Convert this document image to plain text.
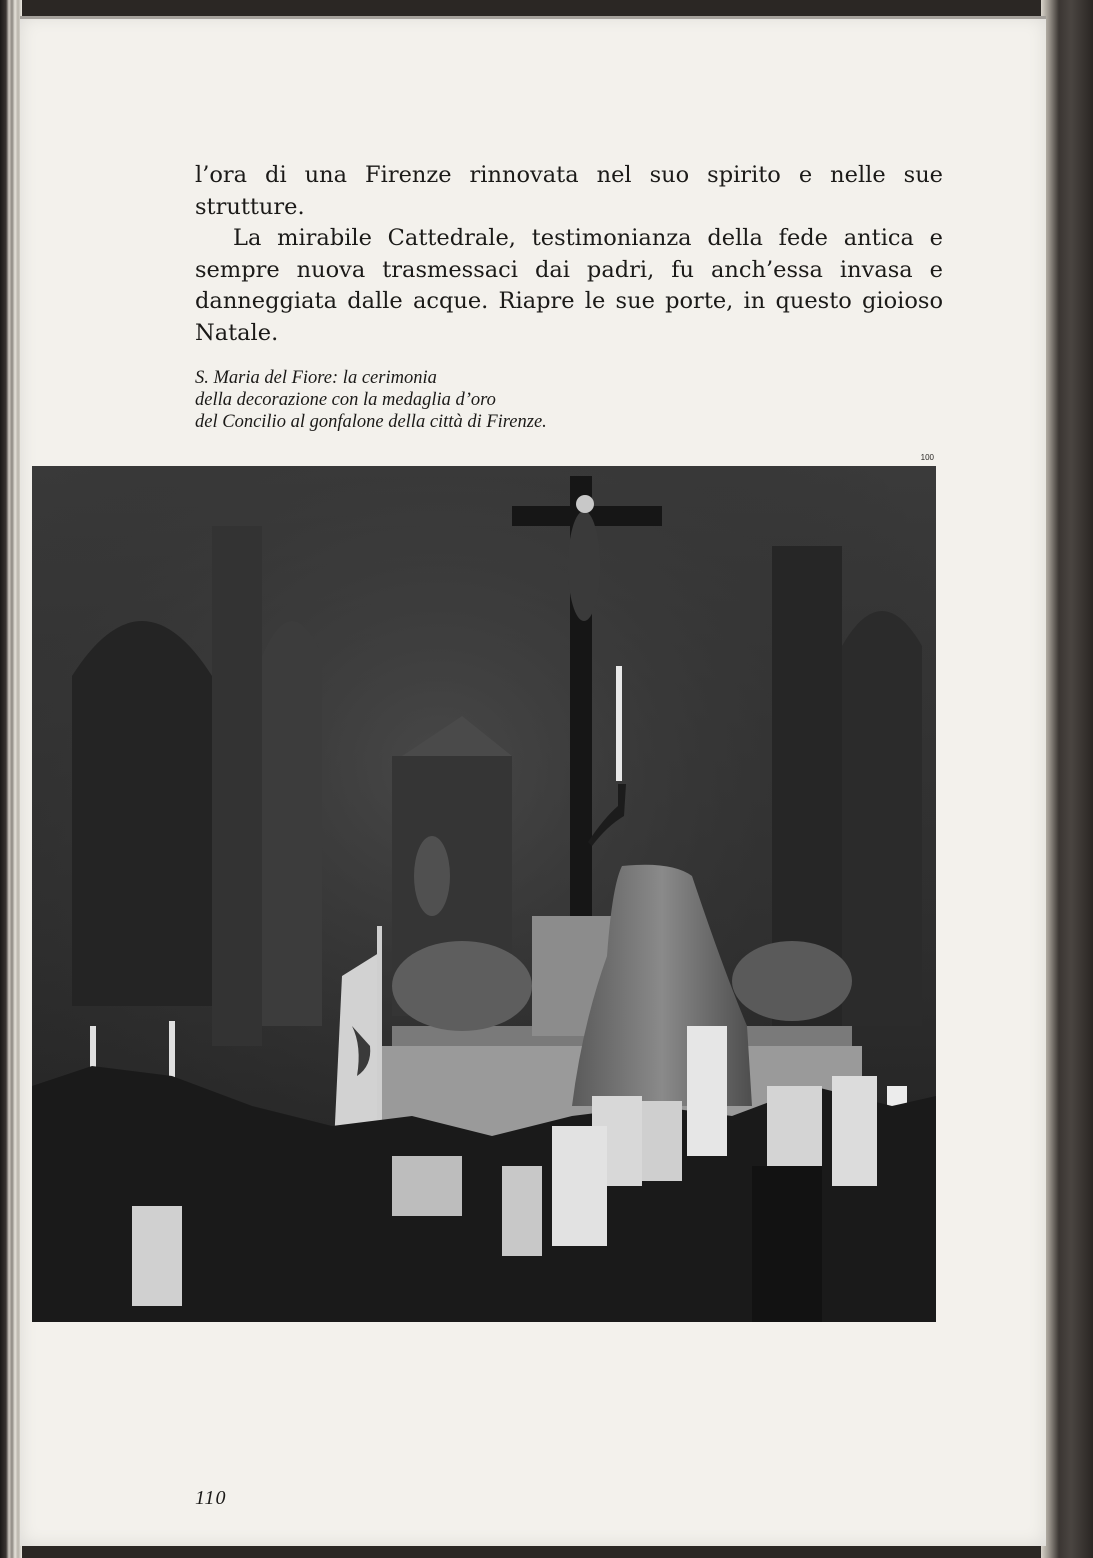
l’ora di una Firenze rinnovata nel suo spirito e nelle sue strutture.

La mirabile Cattedrale, testimonianza della fede antica e sempre nuova trasmessaci dai padri, fu anch’essa invasa e danneggiata dalle acque. Riapre le sue porte, in questo gioioso Natale.

S. Maria del Fiore: la cerimonia
della decorazione con la medaglia d’oro
del Concilio al gonfalone della città di Firenze.
100
110
